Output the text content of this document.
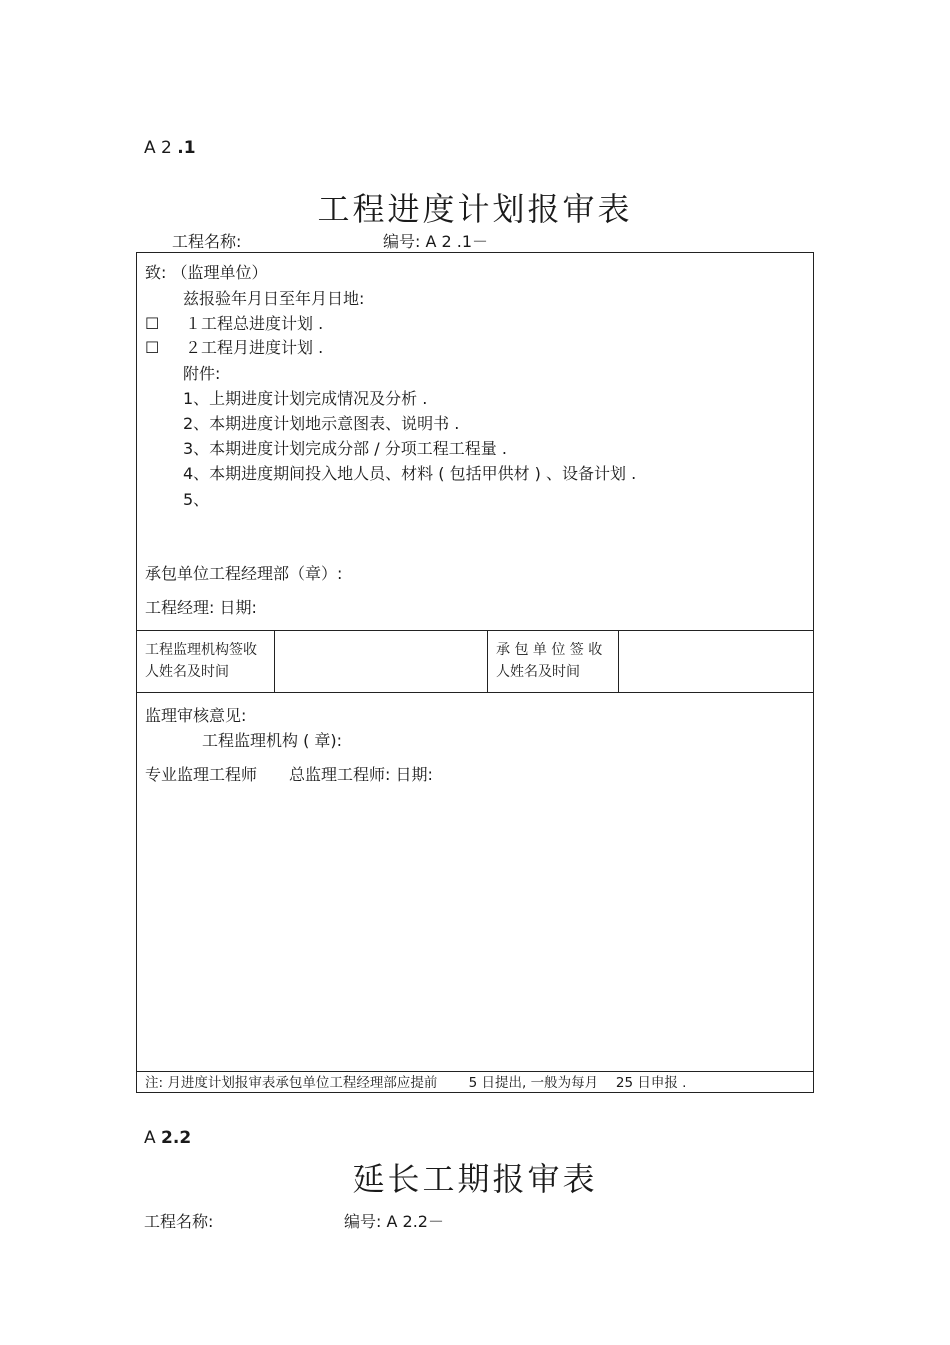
A 2 .1
工程进度计划报审表
工程名称:	编号: A 2 .1－
致: （监理单位）
兹报验年月日至年月日地:
☐ １工程总进度计划 .
☐ ２工程月进度计划 .
附件:
1、上期进度计划完成情况及分析 .
2、本期进度计划地示意图表、说明书 .
3、本期进度计划完成分部 / 分项工程工程量 .
4、本期进度期间投入地人员、材料 ( 包括甲供材 ) 、设备计划 .
5、
承包单位工程经理部（章）:
工程经理: 日期:
工程监理机构签收人姓名及时间
承 包 单 位 签 收 人姓名及时间
监理审核意见:
工程监理机构 ( 章):
专业监理工程师　　总监理工程师: 日期:
注: 月进度计划报审表承包单位工程经理部应提前　　 5 日提出, 一般为每月　 25 日申报 .
A 2.2
延长工期报审表
工程名称:	编号: A 2.2－
